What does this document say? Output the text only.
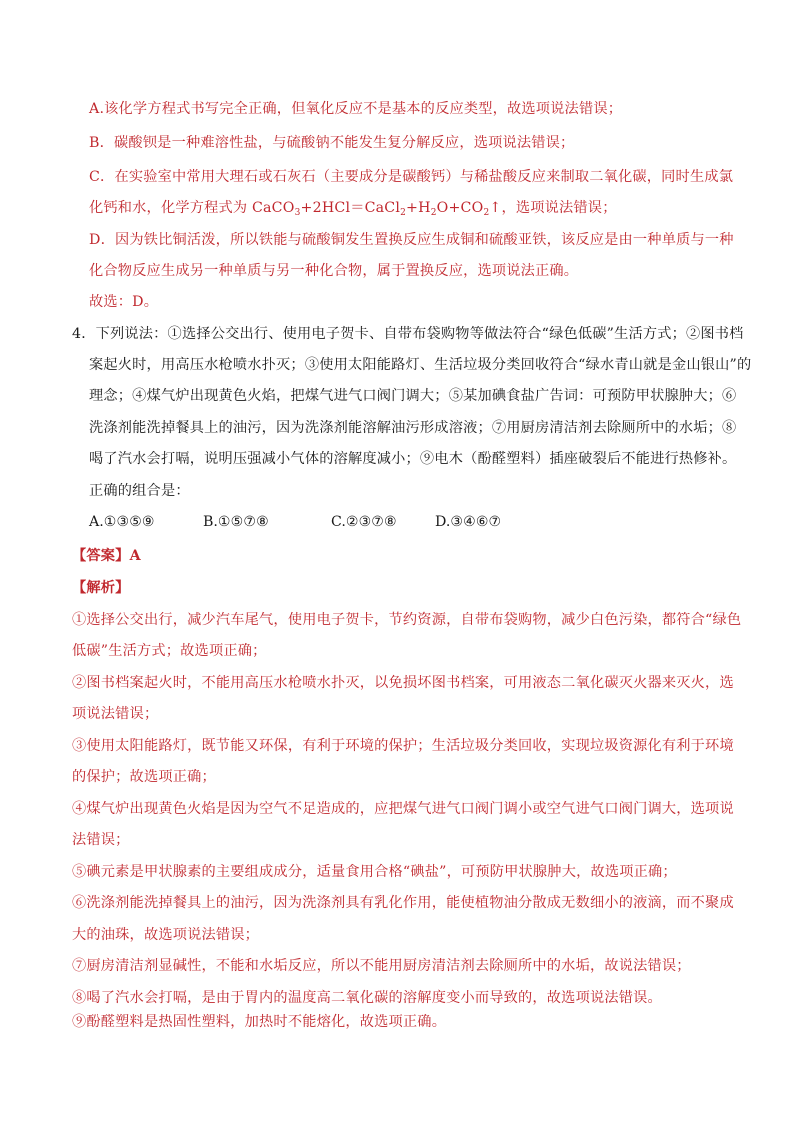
A.该化学方程式书写完全正确，但氧化反应不是基本的反应类型，故选项说法错误；
B．碳酸钡是一种难溶性盐，与硫酸钠不能发生复分解反应，选项说法错误；
C．在实验室中常用大理石或石灰石（主要成分是碳酸钙）与稀盐酸反应来制取二氧化碳，同时生成氯
化钙和水，化学方程式为 $CaCO_3+2HCl=CaCl_2+H_2O+CO_2↑$，选项说法错误；
D．因为铁比铜活泼，所以铁能与硫酸铜发生置换反应生成铜和硫酸亚铁，该反应是由一种单质与一种
化合物反应生成另一种单质与另一种化合物，属于置换反应，选项说法正确。
故选：D。
4．下列说法：①选择公交出行、使用电子贺卡、自带布袋购物等做法符合“绿色低碳”生活方式；②图书档
案起火时，用高压水枪喷水扑灭；③使用太阳能路灯、生活垃圾分类回收符合“绿水青山就是金山银山”的
理念；④煤气炉出现黄色火焰，把煤气进气口阀门调大；⑤某加碘食盐广告词：可预防甲状腺肿大；⑥
洗涤剂能洗掉餐具上的油污，因为洗涤剂能溶解油污形成溶液；⑦用厨房清洁剂去除厕所中的水垢；⑧
喝了汽水会打嗝，说明压强减小气体的溶解度减小；⑨电木（酚醛塑料）插座破裂后不能进行热修补。
正确的组合是：
A.①③⑤⑨	B.①⑤⑦⑧	C.②③⑦⑧	D.③④⑥⑦
【答案】A
【解析】
①选择公交出行，减少汽车尾气，使用电子贺卡，节约资源，自带布袋购物，减少白色污染，都符合“绿色
低碳”生活方式；故选项正确；
②图书档案起火时，不能用高压水枪喷水扑灭，以免损坏图书档案，可用液态二氧化碳灭火器来灭火，选
项说法错误；
③使用太阳能路灯，既节能又环保，有利于环境的保护；生活垃圾分类回收，实现垃圾资源化有利于环境
的保护；故选项正确；
④煤气炉出现黄色火焰是因为空气不足造成的，应把煤气进气口阀门调小或空气进气口阀门调大，选项说
法错误；
⑤碘元素是甲状腺素的主要组成成分，适量食用合格“碘盐”，可预防甲状腺肿大，故选项正确；
⑥洗涤剂能洗掉餐具上的油污，因为洗涤剂具有乳化作用，能使植物油分散成无数细小的液滴，而不聚成
大的油珠，故选项说法错误；
⑦厨房清洁剂显碱性，不能和水垢反应，所以不能用厨房清洁剂去除厕所中的水垢，故说法错误；
⑧喝了汽水会打嗝，是由于胃内的温度高二氧化碳的溶解度变小而导致的，故选项说法错误。
⑨酚醛塑料是热固性塑料，加热时不能熔化，故选项正确。
